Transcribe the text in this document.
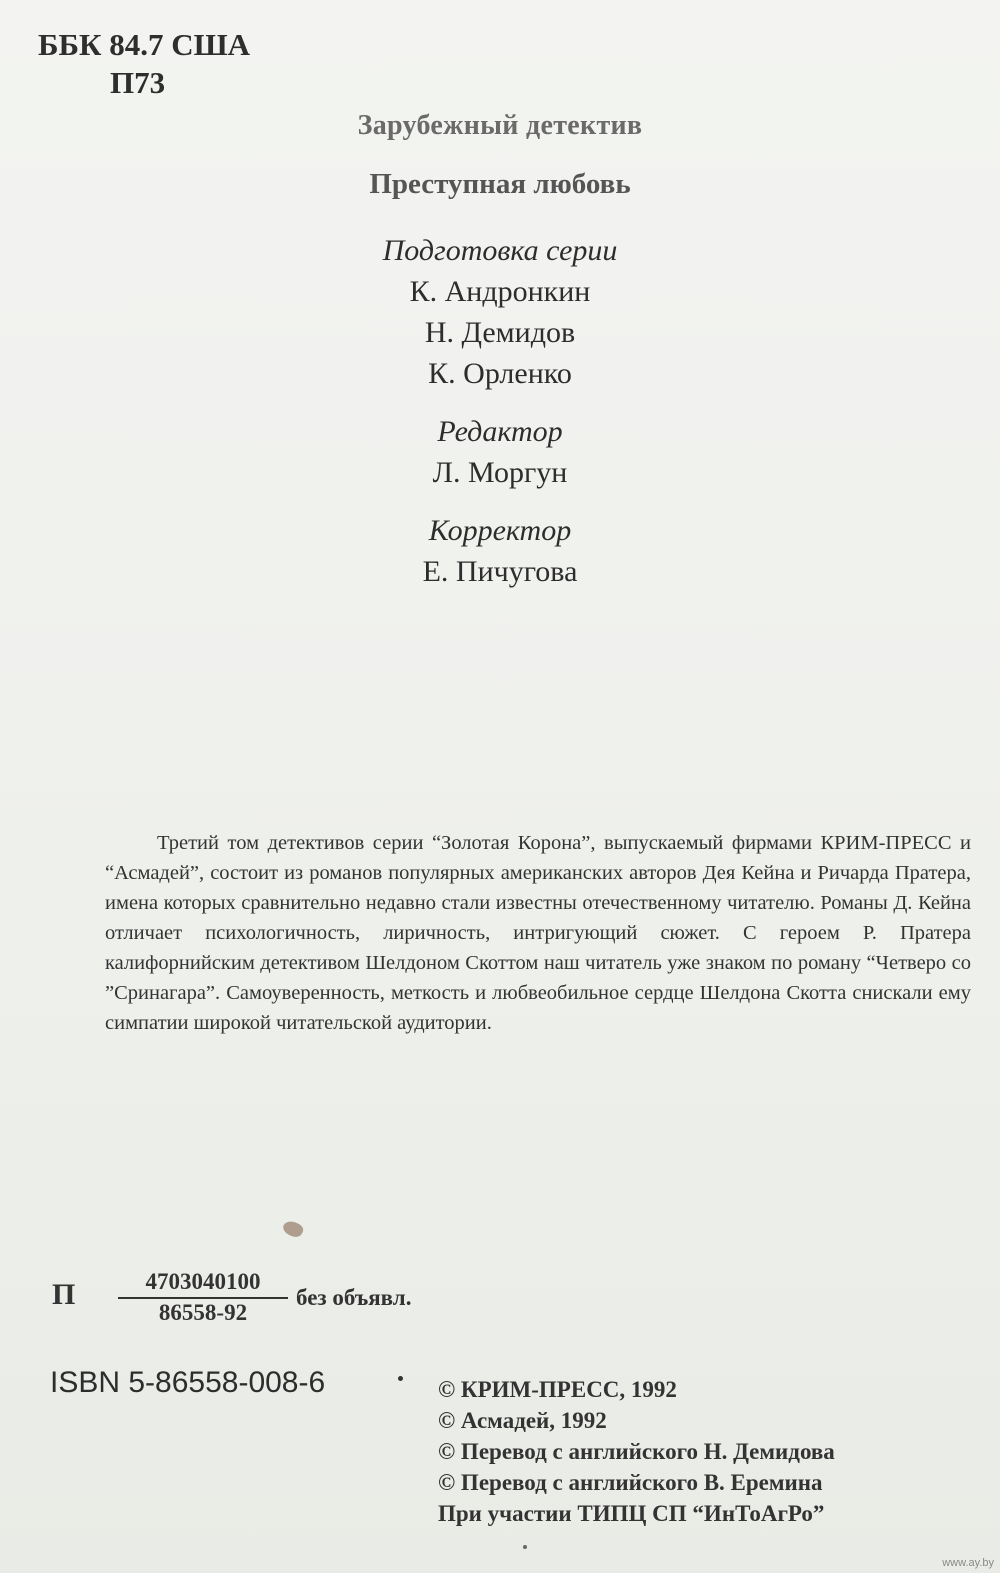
ББК 84.7 США
П73
Зарубежный детектив
Преступная любовь
Подготовка серии
К. Андронкин
Н. Демидов
К. Орленко
Редактор
Л. Моргун
Корректор
Е. Пичугова
Третий том детективов серии “Золотая Корона”, выпускаемый фирмами КРИМ-ПРЕСС и “Асмадей”, состоит из романов популярных американских авторов Дея Кейна и Ричарда Пратера, имена которых сравнительно недавно стали известны отечественному читателю. Романы Д. Кейна отличает психологичность, лиричность, интригующий сюжет. С героем Р. Пратера калифорнийским детективом Шелдоном Скоттом наш читатель уже знаком по роману “Четверо со ”Сринагара”. Самоуверенность, меткость и любвеобильное сердце Шелдона Скотта снискали ему симпатии широкой читательской аудитории.
П $\frac{4703040100}{86558-92}$ без объявл.
ISBN 5-86558-008-6	© КРИМ-ПРЕСС, 1992
© Асмадей, 1992
© Перевод с английского Н. Демидова
© Перевод с английского В. Еремина
При участии ТИПЦ СП “ИнТоАгРо”
www.ay.by
